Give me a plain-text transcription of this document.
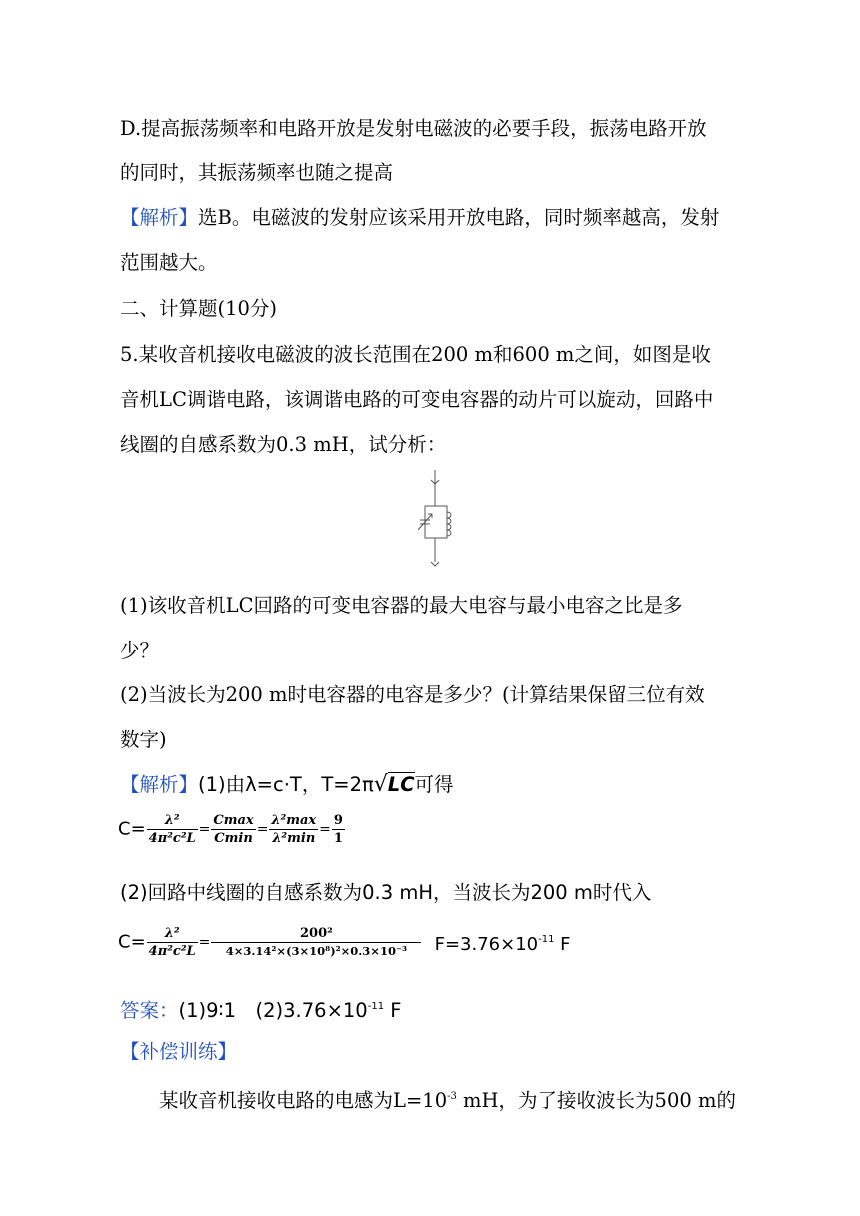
D.提高振荡频率和电路开放是发射电磁波的必要手段，振荡电路开放
的同时，其振荡频率也随之提高
【解析】选B。电磁波的发射应该采用开放电路，同时频率越高，发射
范围越大。
二、计算题(10分)
5.某收音机接收电磁波的波长范围在200 m和600 m之间，如图是收
音机LC调谐电路，该调谐电路的可变电容器的动片可以旋动，回路中
线圈的自感系数为0.3 mH，试分析：
(1)该收音机LC回路的可变电容器的最大电容与最小电容之比是多
少？
(2)当波长为200 m时电容器的电容是多少？(计算结果保留三位有效
数字)
【解析】(1)由λ=c·T，T=2π√LC可得
$C= \frac{\text{λ²}}{\text{4π²c²L}} = \frac{Cmax}{Cmin} = \frac{\text{λ²max}}{\text{λ²min}} = \frac{9}{1}$
(2)回路中线圈的自感系数为0.3 mH，当波长为200 m时代入
$C= \frac{\text{λ²}}{\text{4π²c²L}} = \frac{\text{200²}}{\text{4×3.14²×(3×10⁸)²×0.3×10⁻³}} F=3.76\times 10^{-11}$ F
答案：(1)9∶1　$(2)3.76\times 10^{-11}$ F
【补偿训练】
　　某收音机接收电路的电感为$L=10^{-3}$ mH，为了接收波长为500 m的
